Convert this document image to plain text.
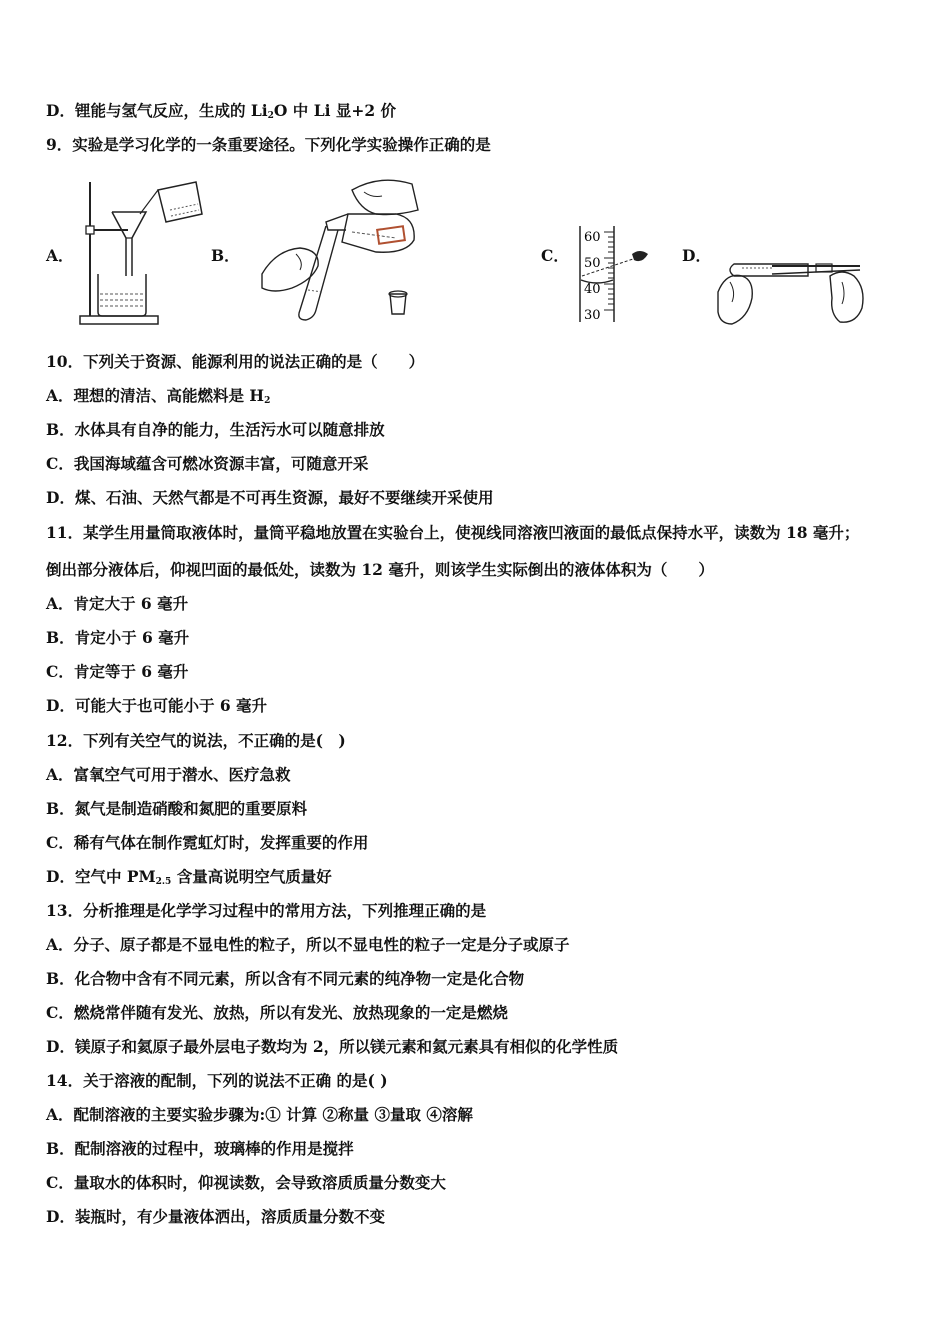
D．锂能与氢气反应，生成的 $Li_2O$ 中 Li 显+2 价
9．实验是学习化学的一条重要途径。下列化学实验操作正确的是
A．	B．	C．
60
50
40
30
D．
10．下列关于资源、能源利用的说法正确的是（　　）
A．理想的清洁、高能燃料是 $H_2$
B．水体具有自净的能力，生活污水可以随意排放
C．我国海域蕴含可燃冰资源丰富，可随意开采
D．煤、石油、天然气都是不可再生资源，最好不要继续开采使用
11．某学生用量筒取液体时，量筒平稳地放置在实验台上，使视线同溶液凹液面的最低点保持水平，读数为 18 毫升；
倒出部分液体后，仰视凹面的最低处，读数为 12 毫升，则该学生实际倒出的液体体积为（　　）
A．肯定大于 6 毫升
B．肯定小于 6 毫升
C．肯定等于 6 毫升
D．可能大于也可能小于 6 毫升
12．下列有关空气的说法，不正确的是(　)
A．富氧空气可用于潜水、医疗急救
B．氮气是制造硝酸和氮肥的重要原料
C．稀有气体在制作霓虹灯时，发挥重要的作用
D．空气中 $PM_{2.5}$ 含量高说明空气质量好
13．分析推理是化学学习过程中的常用方法，下列推理正确的是
A．分子、原子都是不显电性的粒子，所以不显电性的粒子一定是分子或原子
B．化合物中含有不同元素，所以含有不同元素的纯净物一定是化合物
C．燃烧常伴随有发光、放热，所以有发光、放热现象的一定是燃烧
D．镁原子和氦原子最外层电子数均为 2，所以镁元素和氦元素具有相似的化学性质
14．关于溶液的配制，下列的说法不正确 的是( )
A．配制溶液的主要实验步骤为:① 计算 ②称量 ③量取 ④溶解
B．配制溶液的过程中，玻璃棒的作用是搅拌
C．量取水的体积时，仰视读数，会导致溶质质量分数变大
D．装瓶时，有少量液体洒出，溶质质量分数不变
